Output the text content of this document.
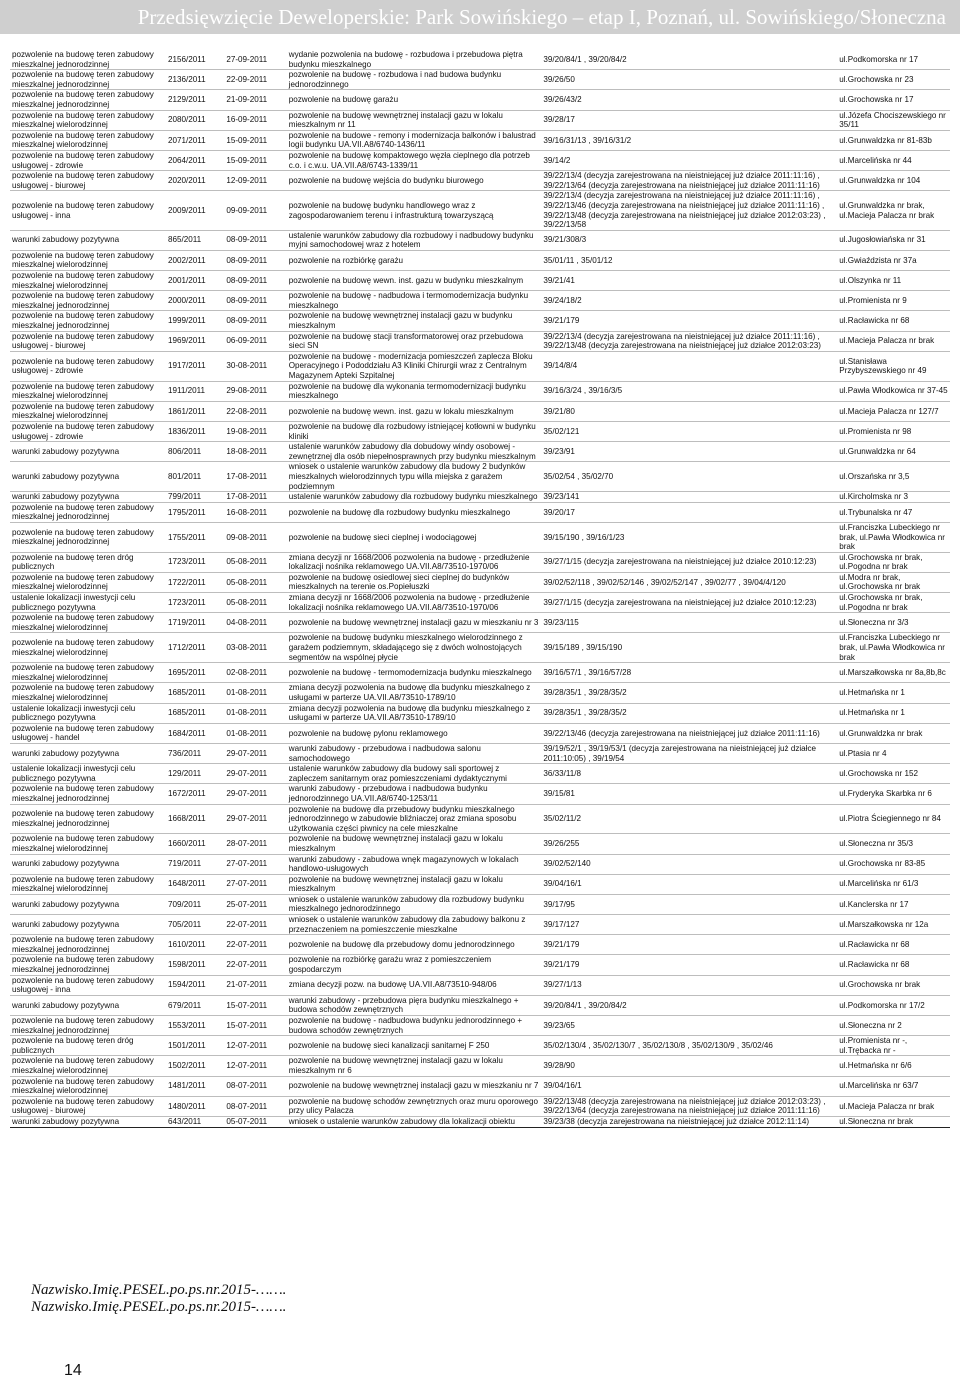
Przedsięwzięcie Deweloperskie: Park Sowińskiego – etap I, Poznań, ul. Sowińskiego/Słoneczna
pozwolenie na budowę teren zabudowy mieszkalnej jednorodzinnej	2156/2011	27-09-2011	wydanie pozwolenia na budowę - rozbudowa i przebudowa piętra budynku mieszkalnego	39/20/84/1 , 39/20/84/2	ul.Podkomorska nr 17
pozwolenie na budowę teren zabudowy mieszkalnej jednorodzinnej	2136/2011	22-09-2011	pozwolenie na budowę - rozbudowa i nad budowa budynku jednorodzinnego	39/26/50	ul.Grochowska nr 23
pozwolenie na budowę teren zabudowy mieszkalnej jednorodzinnej	2129/2011	21-09-2011	pozwolenie na budowę garażu	39/26/43/2	ul.Grochowska nr 17
pozwolenie na budowę teren zabudowy mieszkalnej wielorodzinnej	2080/2011	16-09-2011	pozwolenie na budowę wewnętrznej instalacji gazu w lokalu mieszkalnym nr 11	39/28/17	ul.Józefa Chociszewskiego nr 35/11
pozwolenie na budowę teren zabudowy mieszkalnej wielorodzinnej	2071/2011	15-09-2011	pozwolenie na budowe - remony i modernizacja balkonów i balustrad logii budynku UA.VII.A8/6740-1436/11	39/16/31/13 , 39/16/31/2	ul.Grunwaldzka nr 81-83b
pozwolenie na budowę teren zabudowy usługowej - zdrowie	2064/2011	15-09-2011	pozwolenie na budowę kompaktowego węzła cieplnego dla potrzeb c.o. i c.w.u. UA.VII.A8/6743-1339/11	39/14/2	ul.Marcelińska nr 44
pozwolenie na budowę teren zabudowy usługowej - biurowej	2020/2011	12-09-2011	pozwolenie na budowę wejścia do budynku biurowego	39/22/13/4 (decyzja zarejestrowana na nieistniejącej już działce 2011:11:16) , 39/22/13/64 (decyzja zarejestrowana na nieistniejącej już działce 2011:11:16)	ul.Grunwaldzka nr 104
pozwolenie na budowę teren zabudowy usługowej - inna	2009/2011	09-09-2011	pozwolenie na budowę budynku handlowego wraz z zagospodarowaniem terenu i infrastrukturą towarzyszącą	39/22/13/4 (decyzja zarejestrowana na nieistniejącej już działce 2011:11:16) , 39/22/13/46 (decyzja zarejestrowana na nieistniejącej już działce 2011:11:16) , 39/22/13/48 (decyzja zarejestrowana na nieistniejącej już działce 2012:03:23) , 39/22/13/58	ul.Grunwaldzka nr brak, ul.Macieja Palacza nr brak
warunki zabudowy pozytywna	865/2011	08-09-2011	ustalenie warunków zabudowy dla rozbudowy i nadbudowy budynku myjni samochodowej wraz z hotelem	39/21/308/3	ul.Jugosłowiańska nr 31
pozwolenie na budowę teren zabudowy mieszkalnej wielorodzinnej	2002/2011	08-09-2011	pozwolenie na rozbiórkę garażu	35/01/11 , 35/01/12	ul.Gwiaździsta nr 37a
pozwolenie na budowę teren zabudowy mieszkalnej wielorodzinnej	2001/2011	08-09-2011	pozwolenie na budowę wewn. inst. gazu w budynku mieszkalnym	39/21/41	ul.Olszynka nr 11
pozwolenie na budowę teren zabudowy mieszkalnej jednorodzinnej	2000/2011	08-09-2011	pozwolenie na budowę - nadbudowa i termomodernizacja budynku mieszkalnego	39/24/18/2	ul.Promienista nr 9
pozwolenie na budowę teren zabudowy mieszkalnej jednorodzinnej	1999/2011	08-09-2011	pozwolenie na budowę wewnętrznej instalacji gazu w budynku mieszkalnym	39/21/179	ul.Racławicka nr 68
pozwolenie na budowę teren zabudowy usługowej - biurowej	1969/2011	06-09-2011	pozwolenie na budowę stacji transformatorowej oraz przebudowa sieci SN	39/22/13/4 (decyzja zarejestrowana na nieistniejącej już działce 2011:11:16) , 39/22/13/48 (decyzja zarejestrowana na nieistniejącej już działce 2012:03:23)	ul.Macieja Palacza nr brak
pozwolenie na budowę teren zabudowy usługowej - zdrowie	1917/2011	30-08-2011	pozwolenie na budowę - modernizacja pomieszczeń zaplecza Bloku Operacyjnego i Pododdziału A3 Kliniki Chirurgii wraz z Centralnym Magazynem Apteki Szpitalnej	39/14/8/4	ul.Stanisława Przybyszewskiego nr 49
pozwolenie na budowę teren zabudowy mieszkalnej wielorodzinnej	1911/2011	29-08-2011	pozwolenie na budowę dla wykonania termomodernizacji budynku mieszkalnego	39/16/3/24 , 39/16/3/5	ul.Pawła Włodkowica nr 37-45
pozwolenie na budowę teren zabudowy mieszkalnej wielorodzinnej	1861/2011	22-08-2011	pozwolenie na budowę wewn. inst. gazu w lokalu mieszkalnym	39/21/80	ul.Macieja Palacza nr 127/7
pozwolenie na budowę teren zabudowy usługowej - zdrowie	1836/2011	19-08-2011	pozwolenie na budowę dla rozbudowy istniejącej kotłowni w budynku kliniki	35/02/121	ul.Promienista nr 98
warunki zabudowy pozytywna	806/2011	18-08-2011	ustalenie warunków zabudowy dla dobudowy windy osobowej - zewnętrznej dla osób niepełnosprawnych przy budynku mieszkalnym	39/23/91	ul.Grunwaldzka nr 64
warunki zabudowy pozytywna	801/2011	17-08-2011	wniosek o ustalenie warunków zabudowy dla budowy 2 budynków mieszkalnych wielorodzinnych typu willa miejska z garażem podziemnym	35/02/54 , 35/02/70	ul.Orszańska nr 3,5
warunki zabudowy pozytywna	799/2011	17-08-2011	ustalenie warunków zabudowy dla rozbudowy budynku mieszkalnego	39/23/141	ul.Kircholmska nr 3
pozwolenie na budowę teren zabudowy mieszkalnej jednorodzinnej	1795/2011	16-08-2011	pozwolenie na budowę dla rozbudowy budynku mieszkalnego	39/20/17	ul.Trybunalska nr 47
pozwolenie na budowę teren zabudowy mieszkalnej jednorodzinnej	1755/2011	09-08-2011	pozwolenie na budowę sieci cieplnej i wodociągowej	39/15/190 , 39/16/1/23	ul.Franciszka Lubeckiego nr brak, ul.Pawła Włodkowica nr brak
pozwolenie na budowę teren dróg publicznych	1723/2011	05-08-2011	zmiana decyzji nr 1668/2006 pozwolenia na budowę - przedłużenie lokalizacji nośnika reklamowego UA.VII.A8/73510-1970/06	39/27/1/15 (decyzja zarejestrowana na nieistniejącej już działce 2010:12:23)	ul.Grochowska nr brak, ul.Pogodna nr brak
pozwolenie na budowę teren zabudowy mieszkalnej wielorodzinnej	1722/2011	05-08-2011	pozwolenie na budowę osiedlowej sieci cieplnej do budynków mieszkalnych na terenie os.Popiełuszki	39/02/52/118 , 39/02/52/146 , 39/02/52/147 , 39/02/77 , 39/04/4/120	ul.Modra nr brak, ul.Grochowska nr brak
ustalenie lokalizacji inwestycji celu publicznego pozytywna	1723/2011	05-08-2011	zmiana decyzji nr 1668/2006 pozwolenia na budowę - przedłużenie lokalizacji nośnika reklamowego UA.VII.A8/73510-1970/06	39/27/1/15 (decyzja zarejestrowana na nieistniejącej już działce 2010:12:23)	ul.Grochowska nr brak, ul.Pogodna nr brak
pozwolenie na budowę teren zabudowy mieszkalnej wielorodzinnej	1719/2011	04-08-2011	pozwolenie na budowę wewnętrznej instalacji gazu w mieszkaniu nr 3	39/23/115	ul.Słoneczna nr 3/3
pozwolenie na budowę teren zabudowy mieszkalnej wielorodzinnej	1712/2011	03-08-2011	pozwolenie na budowę budynku mieszkalnego wielorodzinnego z garażem podziemnym, składającego się z dwóch wolnostojących segmentów na wspólnej płycie	39/15/189 , 39/15/190	ul.Franciszka Lubeckiego nr brak, ul.Pawła Włodkowica nr brak
pozwolenie na budowę teren zabudowy mieszkalnej wielorodzinnej	1695/2011	02-08-2011	pozwolenie na budowę - termomodernizacja budynku mieszkalnego	39/16/57/1 , 39/16/57/28	ul.Marszałkowska nr 8a,8b,8c
pozwolenie na budowę teren zabudowy mieszkalnej wielorodzinnej	1685/2011	01-08-2011	zmiana decyzji pozwolenia na budowę dla budynku mieszkalnego z usługami w parterze UA.VII.A8/73510-1789/10	39/28/35/1 , 39/28/35/2	ul.Hetmańska nr 1
ustalenie lokalizacji inwestycji celu publicznego pozytywna	1685/2011	01-08-2011	zmiana decyzji pozwolenia na budowę dla budynku mieszkalnego z usługami w parterze UA.VII.A8/73510-1789/10	39/28/35/1 , 39/28/35/2	ul.Hetmańska nr 1
pozwolenie na budowę teren zabudowy usługowej - handel	1684/2011	01-08-2011	pozwolenie na budowę pylonu reklamowego	39/22/13/46 (decyzja zarejestrowana na nieistniejącej już działce 2011:11:16)	ul.Grunwaldzka nr brak
warunki zabudowy pozytywna	736/2011	29-07-2011	warunki zabudowy - przebudowa i nadbudowa salonu samochodowego	39/19/52/1 , 39/19/53/1 (decyzja zarejestrowana na nieistniejącej już działce 2011:10:05) , 39/19/54	ul.Ptasia nr 4
ustalenie lokalizacji inwestycji celu publicznego pozytywna	129/2011	29-07-2011	ustalenie warunków zabudowy dla budowy sali sportowej z zapleczem sanitarnym oraz pomieszczeniami dydaktycznymi	36/33/11/8	ul.Grochowska nr 152
pozwolenie na budowę teren zabudowy mieszkalnej jednorodzinnej	1672/2011	29-07-2011	warunki zabudowy - przebudowa i nadbudowa budynku jednorodzinnego UA.VII.A8/6740-1253/11	39/15/81	ul.Fryderyka Skarbka nr 6
pozwolenie na budowę teren zabudowy mieszkalnej jednorodzinnej	1668/2011	29-07-2011	pozwolenie na budowę dla przebudowy budynku mieszkalnego jednorodzinnego w zabudowie bliźniaczej oraz zmiana sposobu użytkowania części piwnicy na cele mieszkalne	35/02/11/2	ul.Piotra Ściegiennego nr 84
pozwolenie na budowę teren zabudowy mieszkalnej wielorodzinnej	1660/2011	28-07-2011	pozwolenie na budowę wewnętrznej instalacji gazu w lokalu mieszkalnym	39/26/255	ul.Słoneczna nr 35/3
warunki zabudowy pozytywna	719/2011	27-07-2011	warunki zabudowy - zabudowa wnęk magazynowych w lokalach handlowo-usługowych	39/02/52/140	ul.Grochowska nr 83-85
pozwolenie na budowę teren zabudowy mieszkalnej wielorodzinnej	1648/2011	27-07-2011	pozwolenie na budowę wewnętrznej instalacji gazu w lokalu mieszkalnym	39/04/16/1	ul.Marcelińska nr 61/3
warunki zabudowy pozytywna	709/2011	25-07-2011	wniosek o ustalenie warunków zabudowy dla rozbudowy budynku mieszkalnego jednorodzinnego	39/17/95	ul.Kanclerska nr 17
warunki zabudowy pozytywna	705/2011	22-07-2011	wniosek o ustalenie warunków zabudowy dla zabudowy balkonu z przeznaczeniem na pomieszczenie mieszkalne	39/17/127	ul.Marszałkowska nr 12a
pozwolenie na budowę teren zabudowy mieszkalnej jednorodzinnej	1610/2011	22-07-2011	pozwolenie na budowę dla przebudowy domu jednorodzinnego	39/21/179	ul.Racławicka nr 68
pozwolenie na budowę teren zabudowy mieszkalnej jednorodzinnej	1598/2011	22-07-2011	pozwolenie na rozbiórkę garażu wraz z pomieszczeniem gospodarczym	39/21/179	ul.Racławicka nr 68
pozwolenie na budowę teren zabudowy usługowej - inna	1594/2011	21-07-2011	zmiana decyzji pozw. na budowę UA.VII.A8/73510-948/06	39/27/1/13	ul.Grochowska nr brak
warunki zabudowy pozytywna	679/2011	15-07-2011	warunki zabudowy - przebudowa pięra budynku mieszkalnego + budowa schodów zewnętrznych	39/20/84/1 , 39/20/84/2	ul.Podkomorska nr 17/2
pozwolenie na budowę teren zabudowy mieszkalnej jednorodzinnej	1553/2011	15-07-2011	pozwolenie na budowę - nadbudowa budynku jednorodzinnego + budowa schodów zewnętrznych	39/23/65	ul.Słoneczna nr 2
pozwolenie na budowę teren dróg publicznych	1501/2011	12-07-2011	pozwolenie na budowę sieci kanalizacji sanitarnej F 250	35/02/130/4 , 35/02/130/7 , 35/02/130/8 , 35/02/130/9 , 35/02/46	ul.Promienista nr -, ul.Trębacka nr -
pozwolenie na budowę teren zabudowy mieszkalnej wielorodzinnej	1502/2011	12-07-2011	pozwolenie na budowę wewnętrznej instalacji gazu w lokalu mieszkalnym nr 6	39/28/90	ul.Hetmańska nr 6/6
pozwolenie na budowę teren zabudowy mieszkalnej wielorodzinnej	1481/2011	08-07-2011	pozwolenie na budowę wewnętrznej instalacji gazu w mieszkaniu nr 7	39/04/16/1	ul.Marcelińska nr 63/7
pozwolenie na budowę teren zabudowy usługowej - biurowej	1480/2011	08-07-2011	pozwolenie na budowę schodów zewnętrznych oraz muru oporowego przy ulicy Palacza	39/22/13/48 (decyzja zarejestrowana na nieistniejącej już działce 2012:03:23) , 39/22/13/64 (decyzja zarejestrowana na nieistniejącej już działce 2011:11:16)	ul.Macieja Palacza nr brak
warunki zabudowy pozytywna	643/2011	05-07-2011	wniosek o ustalenie warunków zabudowy dla lokalizacji obiektu	39/23/38 (decyzja zarejestrowana na nieistniejącej już działce 2012:11:14)	ul.Słoneczna nr brak
Nazwisko.Imię.PESEL.po.ps.nr.2015-…….
Nazwisko.Imię.PESEL.po.ps.nr.2015-…….
14
